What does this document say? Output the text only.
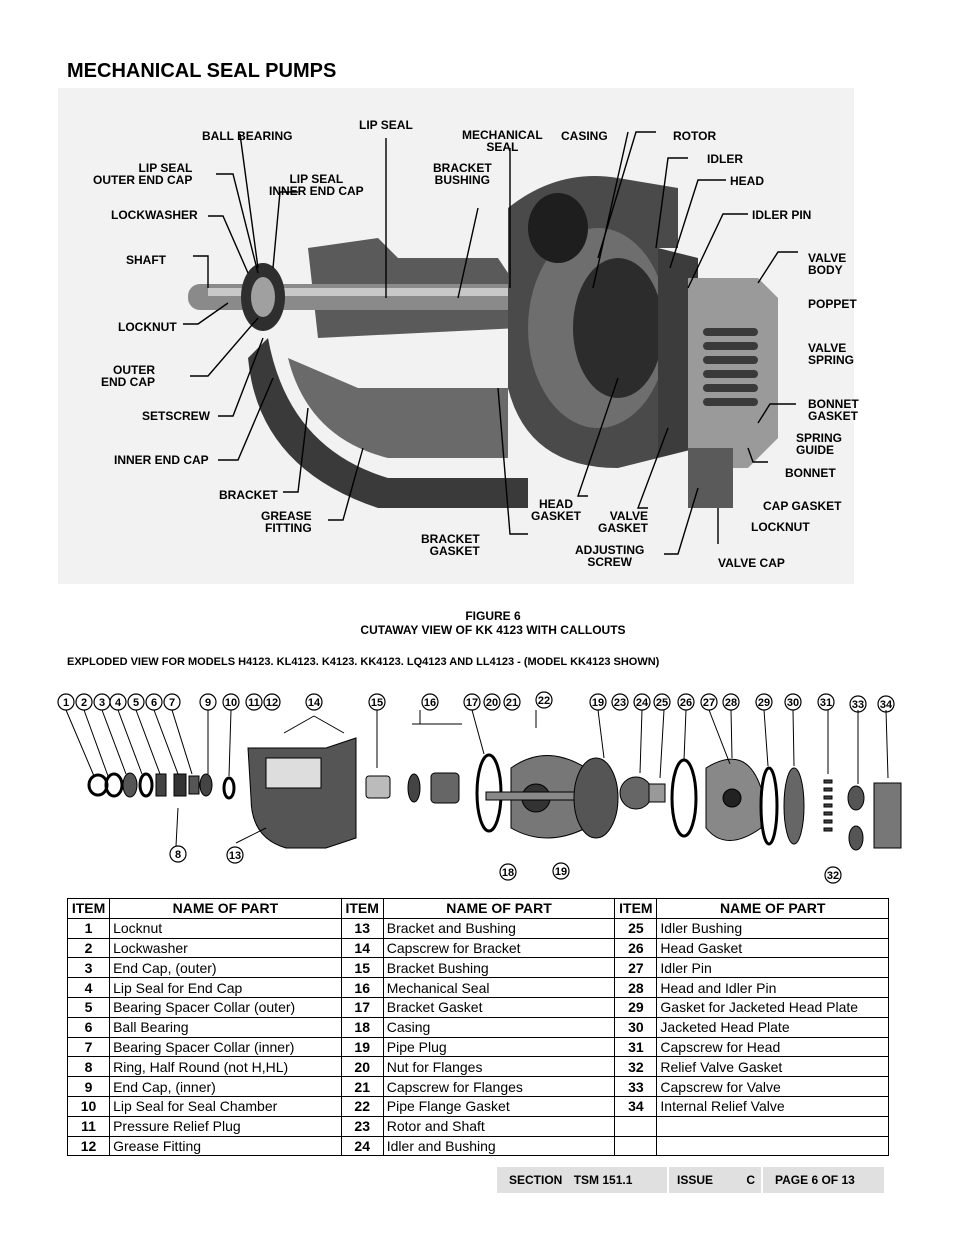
MECHANICAL SEAL PUMPS
BALL BEARING
LIP SEAL
MECHANICAL
SEAL
CASING	ROTOR
IDLER
HEAD
IDLER PIN
LIP SEAL
OUTER END CAP	LIP SEAL
INNER END CAP
BRACKET
BUSHING
LOCKWASHER
SHAFT
LOCKNUT
OUTER
END CAP
SETSCREW
INNER END CAP
BRACKET
GREASE
FITTING
BRACKET
GASKET
HEAD
GASKET	VALVE
GASKET
ADJUSTING
SCREW
VALVE
BODY
POPPET
VALVE
SPRING
BONNET
GASKET
SPRING
GUIDE
BONNET
CAP GASKET
LOCKNUT
VALVE CAP
FIGURE 6
CUTAWAY VIEW OF KK 4123 WITH CALLOUTS
EXPLODED VIEW FOR MODELS H4123. KL4123. K4123. KK4123. LQ4123 AND LL4123 - (MODEL KK4123 SHOWN)
1 2 3 4 5 6 7	9 10 11 12	14	15	16	17 20 21 22	19 23 24 25 26 27 28 29 30 31 33 34
8	13
18	19	32
ITEM	NAME OF PART	ITEM	NAME OF PART	ITEM	NAME OF PART
1	Locknut	13	Bracket and Bushing	25	Idler Bushing
2	Lockwasher	14	Capscrew for Bracket	26	Head Gasket
3	End Cap, (outer)	15	Bracket Bushing	27	Idler Pin
4	Lip Seal for End Cap	16	Mechanical Seal	28	Head and Idler Pin
5	Bearing Spacer Collar (outer)	17	Bracket Gasket	29	Gasket for Jacketed Head Plate
6	Ball Bearing	18	Casing	30	Jacketed Head Plate
7	Bearing Spacer Collar (inner)	19	Pipe Plug	31	Capscrew for Head
8	Ring, Half Round (not H,HL)	20	Nut for Flanges	32	Relief Valve Gasket
9	End Cap, (inner)	21	Capscrew for Flanges	33	Capscrew for Valve
10	Lip Seal for Seal Chamber	22	Pipe Flange Gasket	34	Internal Relief Valve
11	Pressure Relief Plug	23	Rotor and Shaft		
12	Grease Fitting	24	Idler and Bushing		
SECTION TSM 151.1	ISSUE	C	PAGE 6 OF 13
